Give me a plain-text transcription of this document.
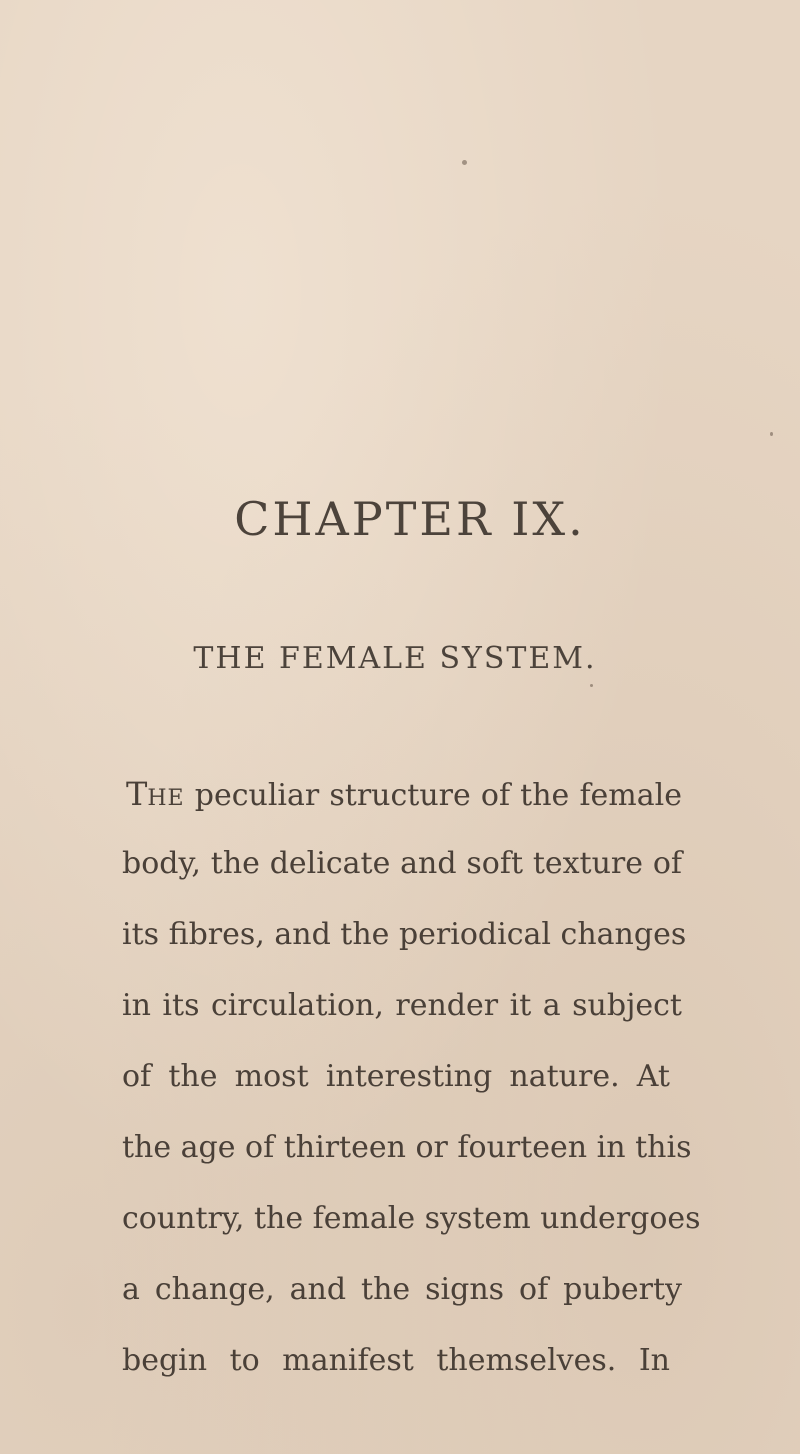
CHAPTER IX.
THE FEMALE SYSTEM.
THE peculiar structure of the female
body, the delicate and soft texture of
its fibres, and the periodical changes
in its circulation, render it a subject
of the most interesting nature. At
the age of thirteen or fourteen in this
country, the female system undergoes
a change, and the signs of puberty
begin to manifest themselves. In
